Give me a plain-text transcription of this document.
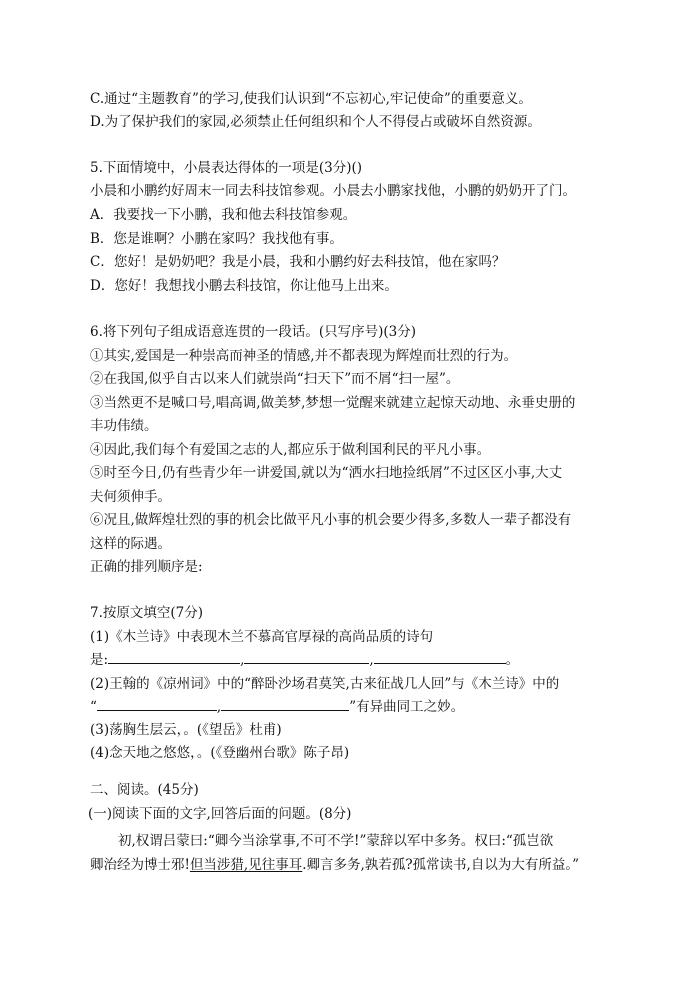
C.通过“主题教育”的学习,使我们认识到“不忘初心,牢记使命”的重要意义。
D.为了保护我们的家园,必须禁止任何组织和个人不得侵占或破坏自然资源。
5.下面情境中，小晨表达得体的一项是(3分)()
小晨和小鹏约好周末一同去科技馆参观。小晨去小鹏家找他，小鹏的奶奶开了门。
A．我要找一下小鹏，我和他去科技馆参观。
B．您是谁啊？小鹏在家吗？我找他有事。
C．您好！是奶奶吧？我是小晨，我和小鹏约好去科技馆，他在家吗？
D．您好！我想找小鹏去科技馆，你让他马上出来。
6.将下列句子组成语意连贯的一段话。(只写序号)(3分)
①其实,爱国是一种崇高而神圣的情感,并不都表现为辉煌而壮烈的行为。
②在我国,似乎自古以来人们就崇尚“扫天下”而不屑“扫一屋”。
③当然更不是喊口号,唱高调,做美梦,梦想一觉醒来就建立起惊天动地、永垂史册的
丰功伟绩。
④因此,我们每个有爱国之志的人,都应乐于做利国利民的平凡小事。
⑤时至今日,仍有些青少年一讲爱国,就以为“洒水扫地捡纸屑”不过区区小事,大丈
夫何须伸手。
⑥况且,做辉煌壮烈的事的机会比做平凡小事的机会要少得多,多数人一辈子都没有
这样的际遇。
正确的排列顺序是:
7.按原文填空(7分)
(1)《木兰诗》中表现木兰不慕高官厚禄的高尚品质的诗句
是:	,	,	。
(2)王翰的《凉州词》中的“醉卧沙场君莫笑,古来征战几人回”与《木兰诗》中的
“	,	”有异曲同工之妙。
(3)荡胸生层云，。(《望岳》杜甫)
(4)念天地之悠悠，。(《登幽州台歌》陈子昂)
二、阅读。(45分)
(一)阅读下面的文字,回答后面的问题。(8分)
初,权谓吕蒙曰:“卿今当涂掌事,不可不学!”蒙辞以军中多务。权曰:“孤岂欲
卿治经为博士邪!但当涉猎,见往事耳.卿言多务,孰若孤?孤常读书,自以为大有所益。”
